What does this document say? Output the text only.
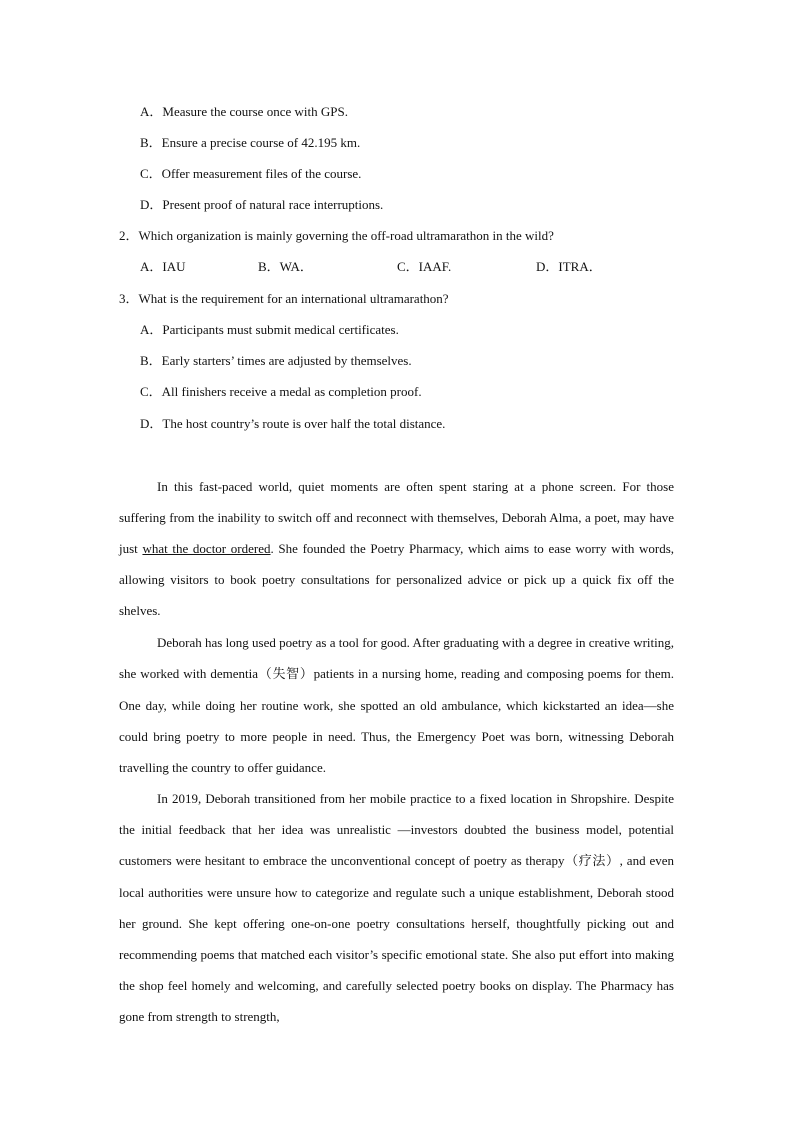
A．Measure the course once with GPS.
B．Ensure a precise course of 42.195 km.
C．Offer measurement files of the course.
D．Present proof of natural race interruptions.
2．Which organization is mainly governing the off-road ultramarathon in the wild?
A．IAU	B．WA．	C．IAAF.	D．ITRA．
3．What is the requirement for an international ultramarathon?
A．Participants must submit medical certificates.
B．Early starters’ times are adjusted by themselves.
C．All finishers receive a medal as completion proof.
D．The host country’s route is over half the total distance.

In this fast-paced world, quiet moments are often spent staring at a phone screen. For those suffering from the inability to switch off and reconnect with themselves, Deborah Alma, a poet, may have just what the doctor ordered. She founded the Poetry Pharmacy, which aims to ease worry with words, allowing visitors to book poetry consultations for personalized advice or pick up a quick fix off the shelves.

Deborah has long used poetry as a tool for good. After graduating with a degree in creative writing, she worked with dementia（失智）patients in a nursing home, reading and composing poems for them. One day, while doing her routine work, she spotted an old ambulance, which kickstarted an idea—she could bring poetry to more people in need. Thus, the Emergency Poet was born, witnessing Deborah travelling the country to offer guidance.

In 2019, Deborah transitioned from her mobile practice to a fixed location in Shropshire. Despite the initial feedback that her idea was unrealistic —investors doubted the business model, potential customers were hesitant to embrace the unconventional concept of poetry as therapy（疗法）, and even local authorities were unsure how to categorize and regulate such a unique establishment, Deborah stood her ground. She kept offering one-on-one poetry consultations herself, thoughtfully picking out and recommending poems that matched each visitor’s specific emotional state. She also put effort into making the shop feel homely and welcoming, and carefully selected poetry books on display. The Pharmacy has gone from strength to strength,
